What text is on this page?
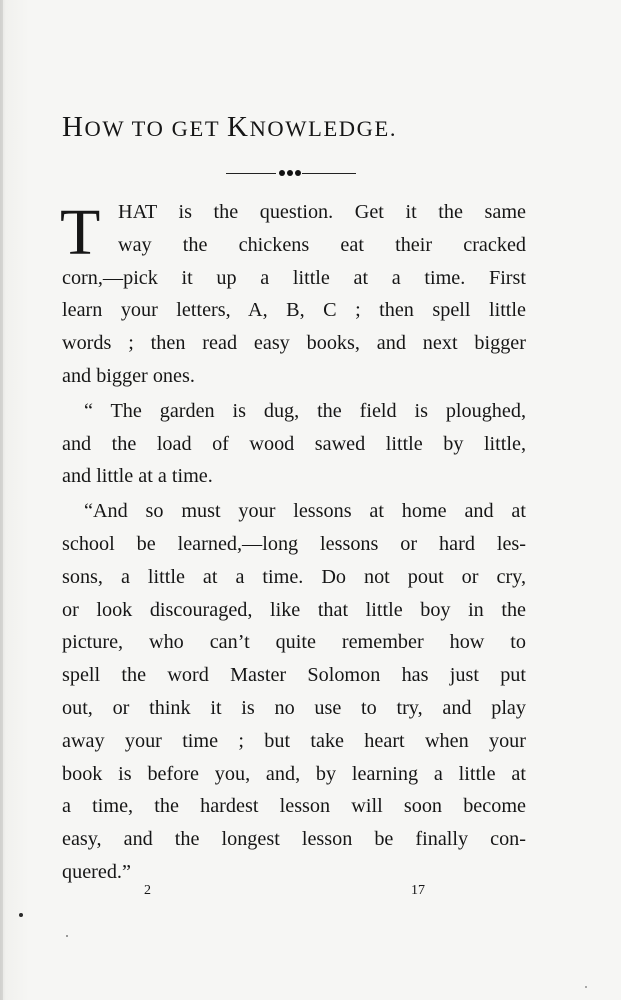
HOW TO GET KNOWLEDGE.
T HAT is the question. Get it the same
way the chickens eat their cracked
corn,—pick it up a little at a time. First
learn your letters, A, B, C ; then spell little
words ; then read easy books, and next bigger
and bigger ones.
“ The garden is dug, the field is ploughed,
and the load of wood sawed little by little,
and little at a time.
“And so must your lessons at home and at
school be learned,—long lessons or hard les-
sons, a little at a time. Do not pout or cry,
or look discouraged, like that little boy in the
picture, who can’t quite remember how to
spell the word Master Solomon has just put
out, or think it is no use to try, and play
away your time ; but take heart when your
book is before you, and, by learning a little at
a time, the hardest lesson will soon become
easy, and the longest lesson be finally con-
quered.”
2	17
